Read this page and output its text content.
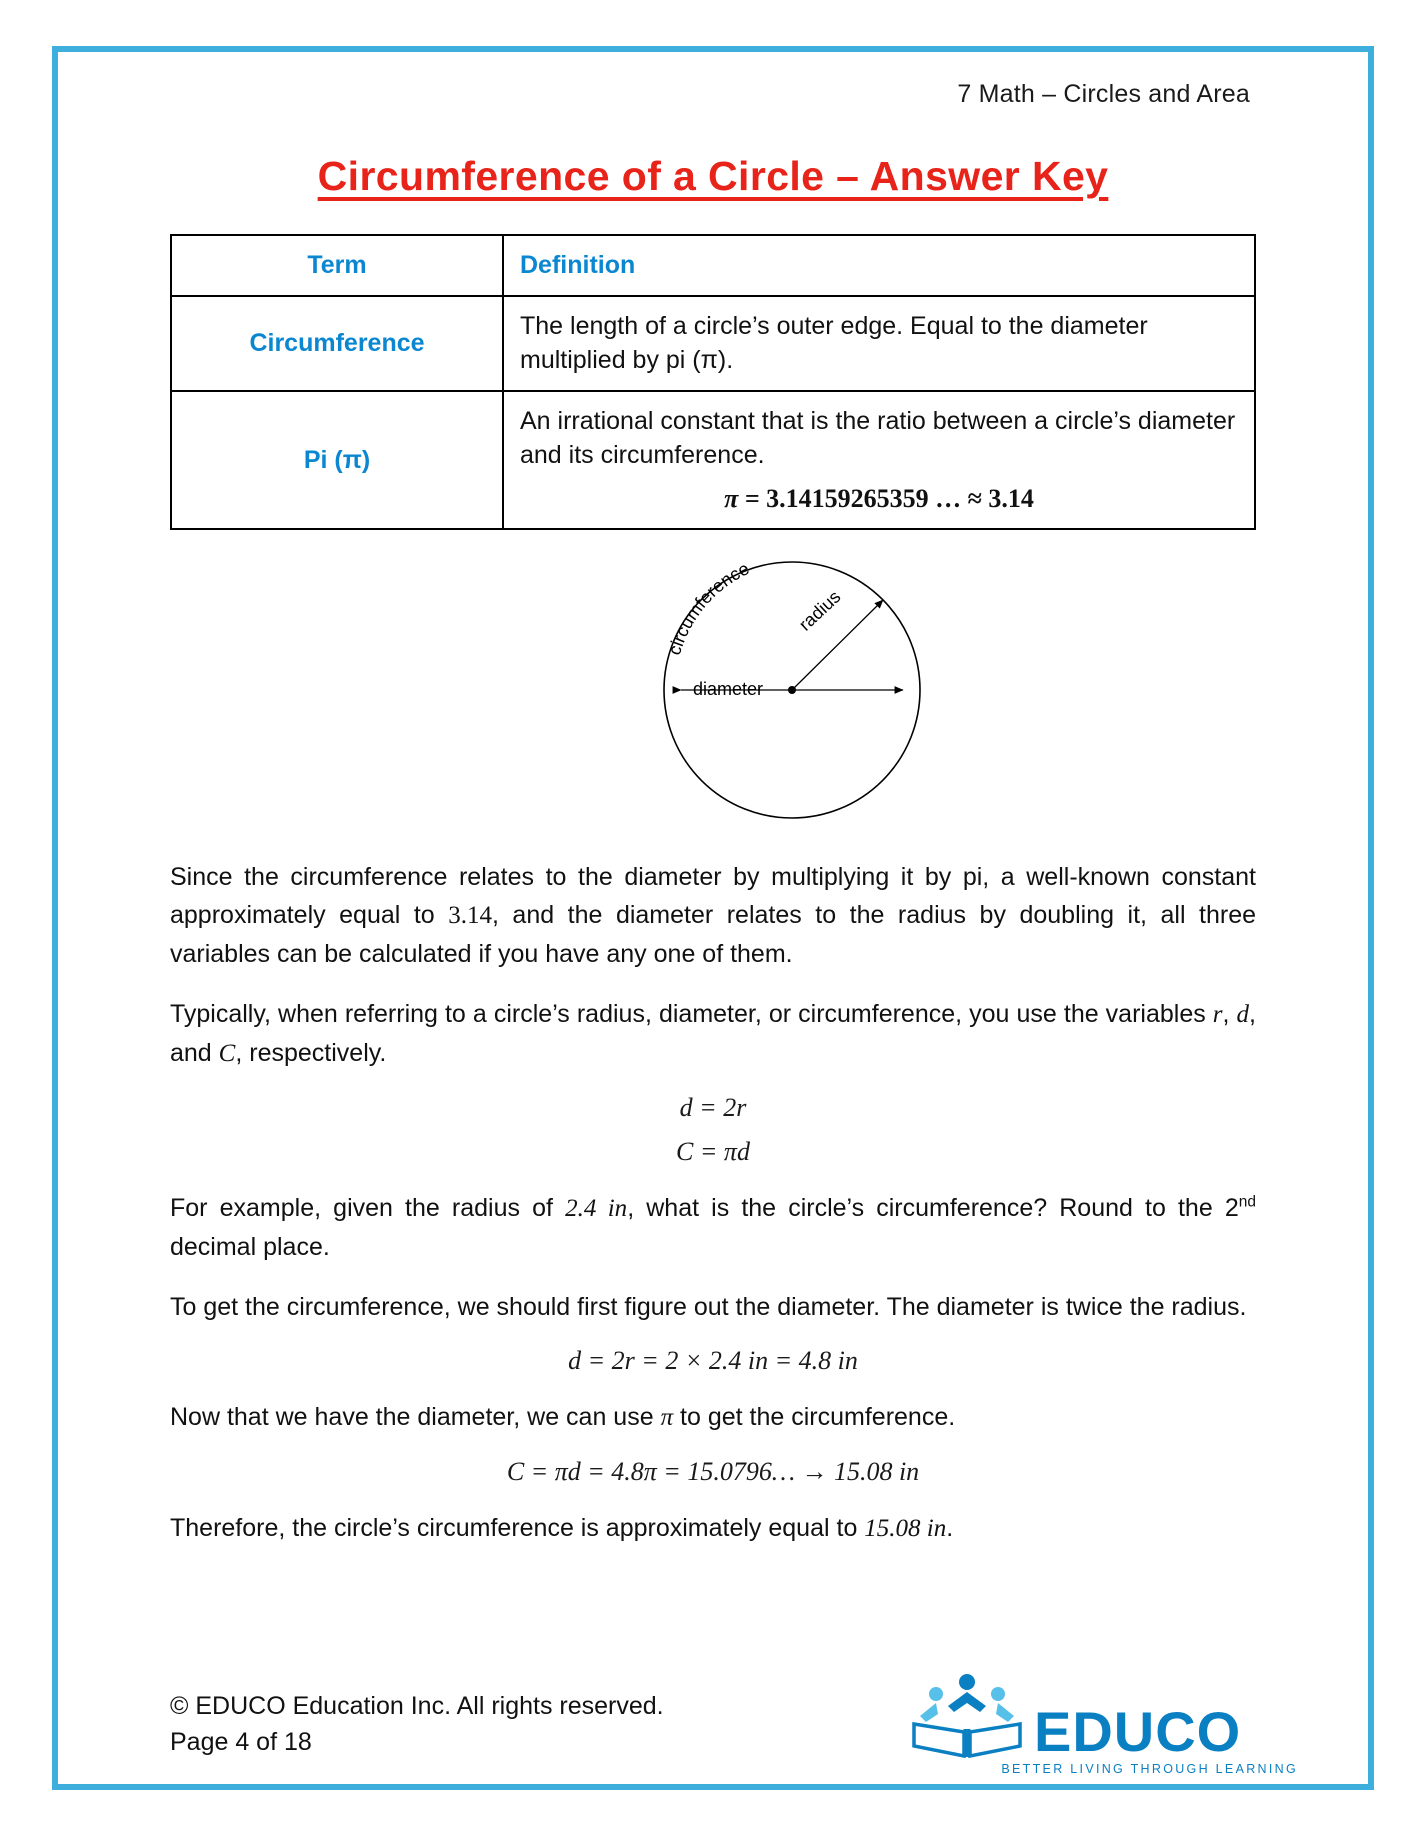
7 Math – Circles and Area
Circumference of a Circle – Answer Key
Term	Definition
Circumference	The length of a circle’s outer edge. Equal to the diameter multiplied by pi (π).
Pi (π)	An irrational constant that is the ratio between a circle’s diameter and its circumference.
π = 3.14159265359 … ≈ 3.14
circumference
diameter
radius

Since the circumference relates to the diameter by multiplying it by pi, a well-known constant approximately equal to 3.14, and the diameter relates to the radius by doubling it, all three variables can be calculated if you have any one of them.

Typically, when referring to a circle’s radius, diameter, or circumference, you use the variables r, d, and C, respectively.

d = 2r
C = πd

For example, given the radius of 2.4 in, what is the circle’s circumference? Round to the 2nd decimal place.

To get the circumference, we should first figure out the diameter. The diameter is twice the radius.

d = 2r = 2 × 2.4 in = 4.8 in

Now that we have the diameter, we can use π to get the circumference.

C = πd = 4.8π = 15.0796… → 15.08 in

Therefore, the circle’s circumference is approximately equal to 15.08 in.

© EDUCO Education Inc. All rights reserved.
Page 4 of 18	EDUCO
BETTER LIVING THROUGH LEARNING
